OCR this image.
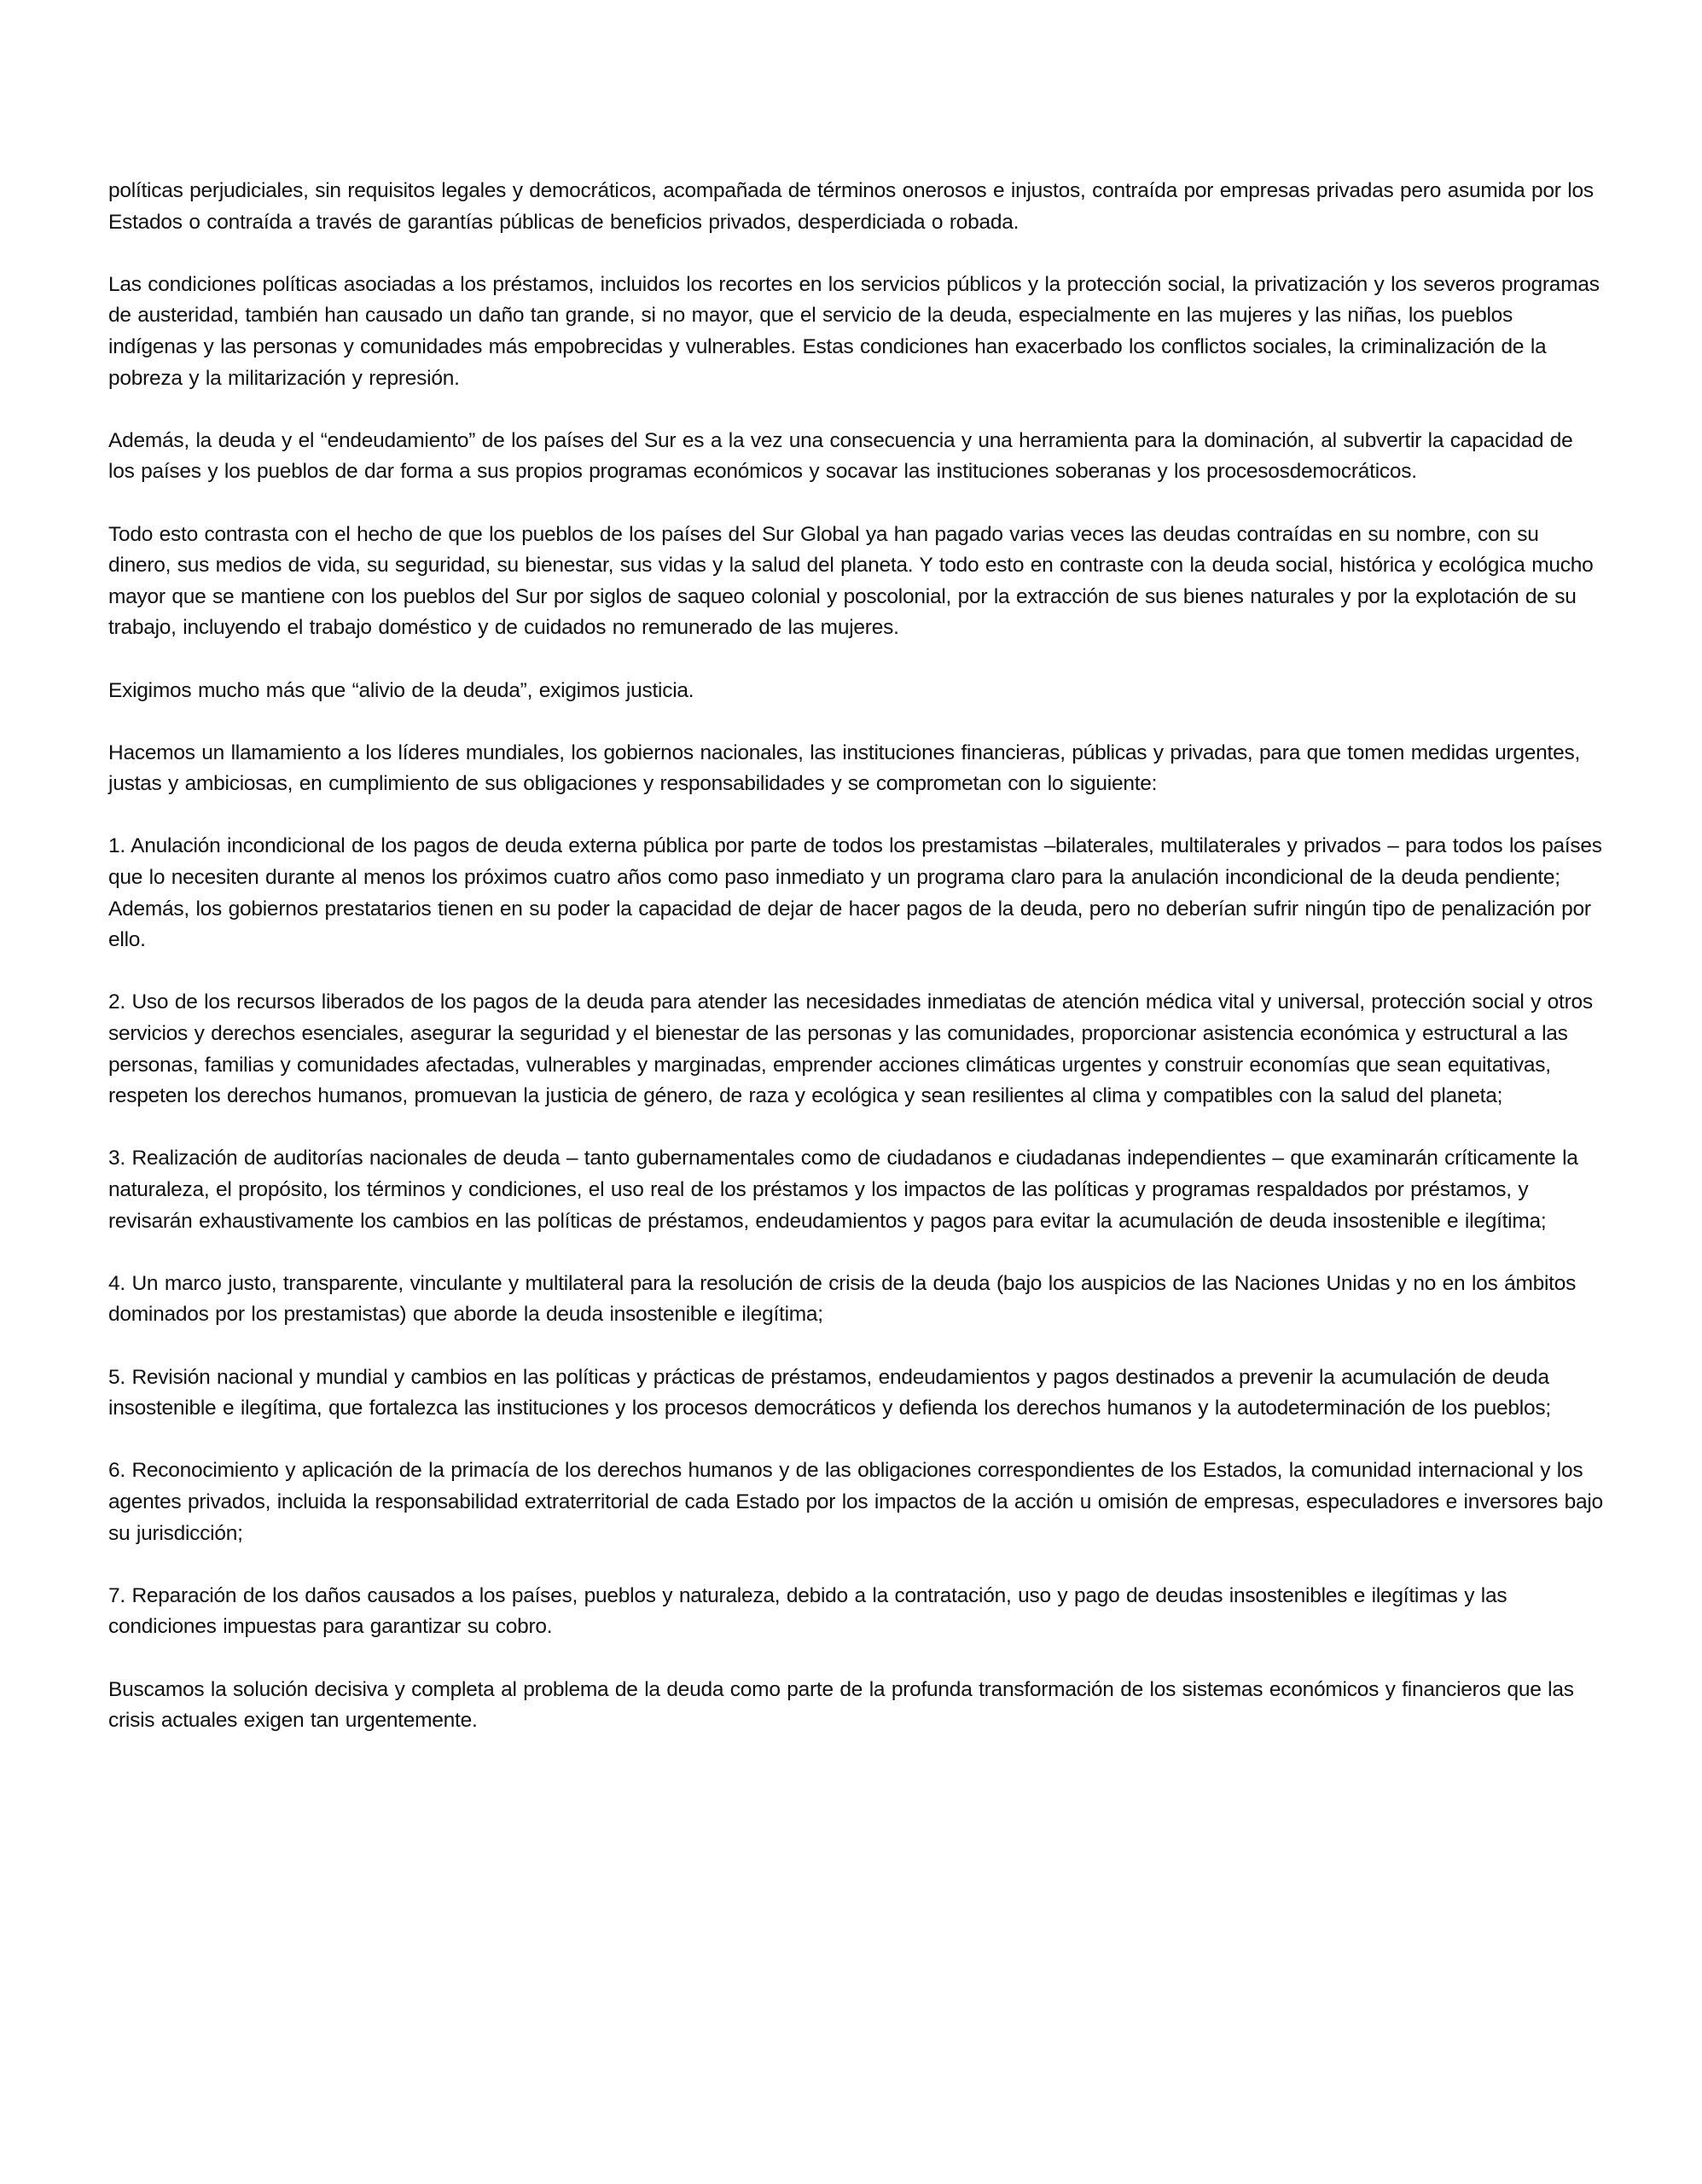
políticas perjudiciales, sin requisitos legales y democráticos, acompañada de términos onerosos e injustos, contraída por empresas privadas pero asumida por los Estados o contraída a través de garantías públicas de beneficios privados, desperdiciada o robada.

Las condiciones políticas asociadas a los préstamos, incluidos los recortes en los servicios públicos y la protección social, la privatización y los severos programas de austeridad, también han causado un daño tan grande, si no mayor, que el servicio de la deuda, especialmente en las mujeres y las niñas, los pueblos indígenas y las personas y comunidades más empobrecidas y vulnerables. Estas condiciones han exacerbado los conflictos sociales, la criminalización de la pobreza y la militarización y represión.

Además, la deuda y el “endeudamiento” de los países del Sur es a la vez una consecuencia y una herramienta para la dominación, al subvertir la capacidad de los países y los pueblos de dar forma a sus propios programas económicos y socavar las instituciones soberanas y los procesosdemocráticos.

Todo esto contrasta con el hecho de que los pueblos de los países del Sur Global ya han pagado varias veces las deudas contraídas en su nombre, con su dinero, sus medios de vida, su seguridad, su bienestar, sus vidas y la salud del planeta. Y todo esto en contraste con la deuda social, histórica y ecológica mucho mayor que se mantiene con los pueblos del Sur por siglos de saqueo colonial y poscolonial, por la extracción de sus bienes naturales y por la explotación de su trabajo, incluyendo el trabajo doméstico y de cuidados no remunerado de las mujeres.

Exigimos mucho más que “alivio de la deuda”, exigimos justicia.

Hacemos un llamamiento a los líderes mundiales, los gobiernos nacionales, las instituciones financieras, públicas y privadas, para que tomen medidas urgentes, justas y ambiciosas, en cumplimiento de sus obligaciones y responsabilidades y se comprometan con lo siguiente:

1. Anulación incondicional de los pagos de deuda externa pública por parte de todos los prestamistas –bilaterales, multilaterales y privados – para todos los países que lo necesiten durante al menos los próximos cuatro años como paso inmediato y un programa claro para la anulación incondicional de la deuda pendiente; Además, los gobiernos prestatarios tienen en su poder la capacidad de dejar de hacer pagos de la deuda, pero no deberían sufrir ningún tipo de penalización por ello.

2. Uso de los recursos liberados de los pagos de la deuda para atender las necesidades inmediatas de atención médica vital y universal, protección social y otros servicios y derechos esenciales, asegurar la seguridad y el bienestar de las personas y las comunidades, proporcionar asistencia económica y estructural a las personas, familias y comunidades afectadas, vulnerables y marginadas, emprender acciones climáticas urgentes y construir economías que sean equitativas, respeten los derechos humanos, promuevan la justicia de género, de raza y ecológica y sean resilientes al clima y compatibles con la salud del planeta;

3. Realización de auditorías nacionales de deuda – tanto gubernamentales como de ciudadanos e ciudadanas independientes – que examinarán críticamente la naturaleza, el propósito, los términos y condiciones, el uso real de los préstamos y los impactos de las políticas y programas respaldados por préstamos, y revisarán exhaustivamente los cambios en las políticas de préstamos, endeudamientos y pagos para evitar la acumulación de deuda insostenible e ilegítima;

4. Un marco justo, transparente, vinculante y multilateral para la resolución de crisis de la deuda (bajo los auspicios de las Naciones Unidas y no en los ámbitos dominados por los prestamistas) que aborde la deuda insostenible e ilegítima;

5. Revisión nacional y mundial y cambios en las políticas y prácticas de préstamos, endeudamientos y pagos destinados a prevenir la acumulación de deuda insostenible e ilegítima, que fortalezca las instituciones y los procesos democráticos y defienda los derechos humanos y la autodeterminación de los pueblos;

6. Reconocimiento y aplicación de la primacía de los derechos humanos y de las obligaciones correspondientes de los Estados, la comunidad internacional y los agentes privados, incluida la responsabilidad extraterritorial de cada Estado por los impactos de la acción u omisión de empresas, especuladores e inversores bajo su jurisdicción;

7. Reparación de los daños causados a los países, pueblos y naturaleza, debido a la contratación, uso y pago de deudas insostenibles e ilegítimas y las condiciones impuestas para garantizar su cobro.

Buscamos la solución decisiva y completa al problema de la deuda como parte de la profunda transformación de los sistemas económicos y financieros que las crisis actuales exigen tan urgentemente.
